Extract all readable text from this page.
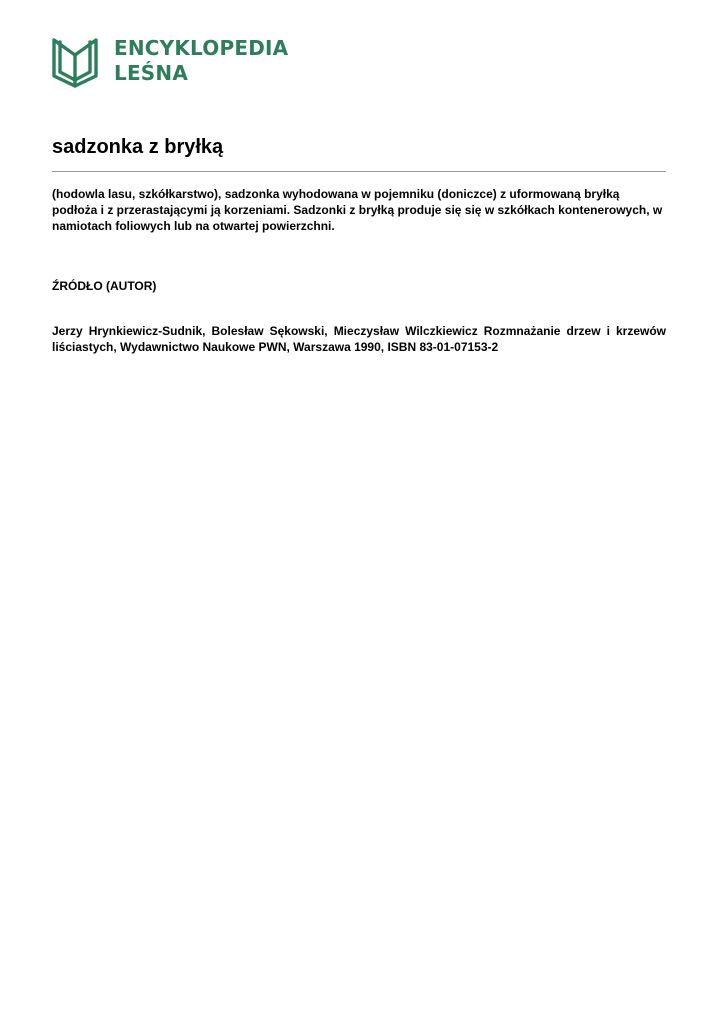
ENCYKLOPEDIA
LEŚNA
sadzonka z bryłką

(hodowla lasu, szkółkarstwo), sadzonka wyhodowana w pojemniku (doniczce) z uformowaną bryłką podłoża i z przerastającymi ją korzeniami. Sadzonki z bryłką produje się się w szkółkach kontenerowych, w namiotach foliowych lub na otwartej powierzchni.

ŹRÓDŁO (AUTOR)

Jerzy Hrynkiewicz-Sudnik, Bolesław Sękowski, Mieczysław Wilczkiewicz Rozmnażanie drzew i krzewów liściastych, Wydawnictwo Naukowe PWN, Warszawa 1990, ISBN 83-01-07153-2
